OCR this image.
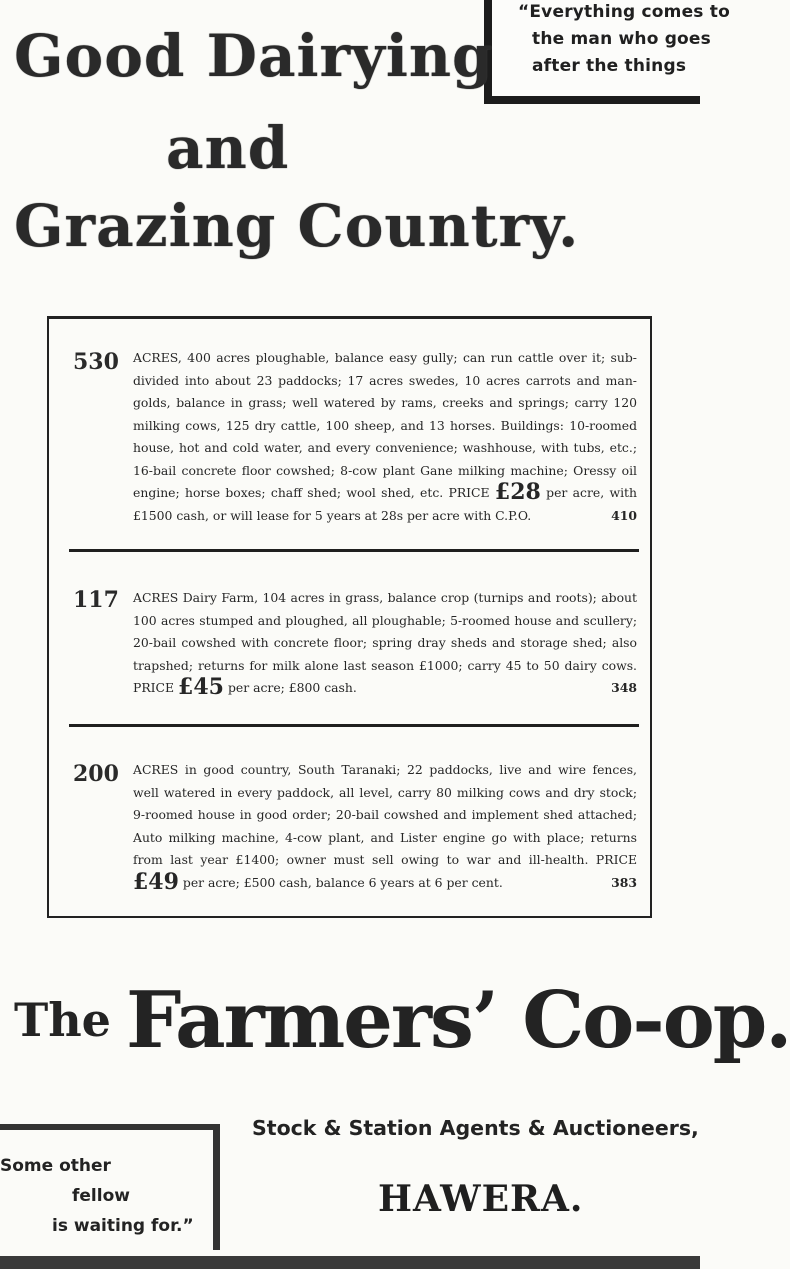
“Everything comes to
the man who goes
after the things
Good Dairying
and
Grazing Country.
530 ACRES, 400 acres ploughable, balance easy gully; can run cattle over it; sub-
divided into about 23 paddocks; 17 acres swedes, 10 acres carrots and man-
golds, balance in grass; well watered by rams, creeks and springs; carry 120
milking cows, 125 dry cattle, 100 sheep, and 13 horses. Buildings: 10-roomed
house, hot and cold water, and every convenience; washhouse, with tubs, etc.;
16-bail concrete floor cowshed; 8-cow plant Gane milking machine; Oressy oil
engine; horse boxes; chaff shed; wool shed, etc. PRICE £28 per acre, with
£1500 cash, or will lease for 5 years at 28s per acre with C.P.O.	410
117 ACRES Dairy Farm, 104 acres in grass, balance crop (turnips and roots); about
100 acres stumped and ploughed, all ploughable; 5-roomed house and scullery;
20-bail cowshed with concrete floor; spring dray sheds and storage shed; also
trapshed; returns for milk alone last season £1000; carry 45 to 50 dairy cows.
PRICE £45 per acre; £800 cash.	348
200 ACRES in good country, South Taranaki; 22 paddocks, live and wire fences,
well watered in every paddock, all level, carry 80 milking cows and dry stock;
9-roomed house in good order; 20-bail cowshed and implement shed attached;
Auto milking machine, 4-cow plant, and Lister engine go with place; returns
from last year £1400; owner must sell owing to war and ill-health. PRICE
£49 per acre; £500 cash, balance 6 years at 6 per cent.	383
The Farmers’ Co-op.
Some other
fellow
is waiting for.”
Stock & Station Agents & Auctioneers,
HAWERA.
